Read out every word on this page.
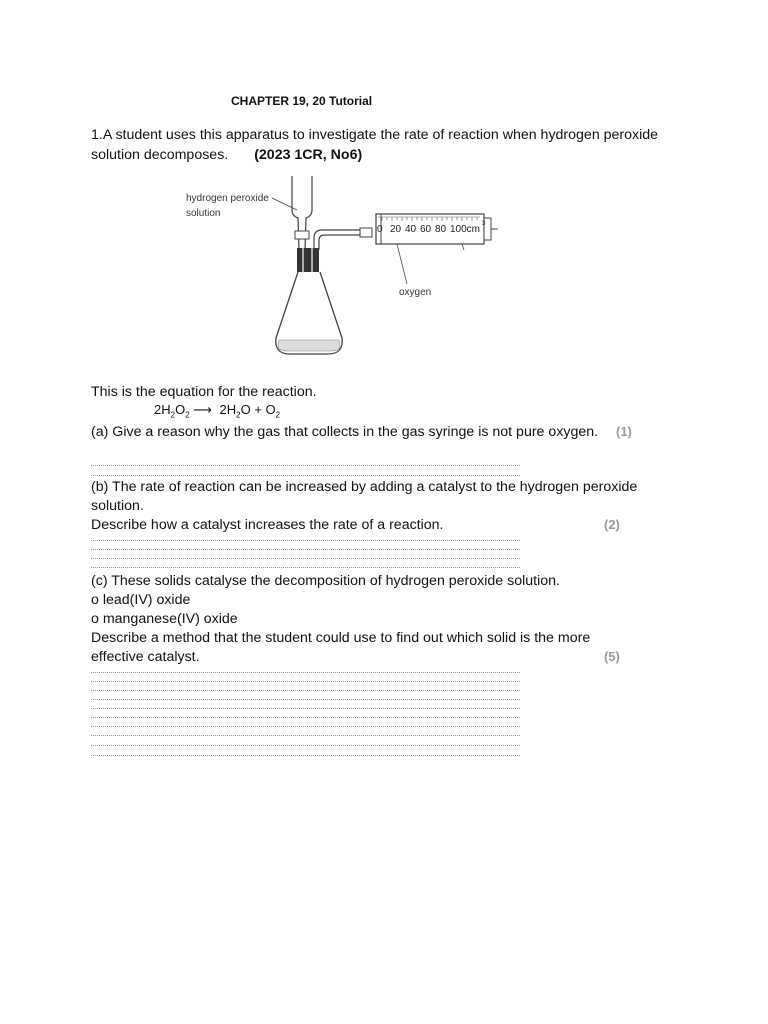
CHAPTER 19, 20 Tutorial
1.A student uses this apparatus to investigate the rate of reaction when hydrogen peroxide
solution decomposes. (2023 1CR, No6)
hydrogen peroxide
solution
oxygen
0 20 40 60 80 100cm 3
This is the equation for the reaction.
$2H_2O_2$ ⟶ $2H_2O + O_2$
(a) Give a reason why the gas that collects in the gas syringe is not pure oxygen. (1)
(b) The rate of reaction can be increased by adding a catalyst to the hydrogen peroxide
solution.
Describe how a catalyst increases the rate of a reaction.	(2)
(c) These solids catalyse the decomposition of hydrogen peroxide solution.
o lead(IV) oxide
o manganese(IV) oxide
Describe a method that the student could use to find out which solid is the more
effective catalyst.	(5)
